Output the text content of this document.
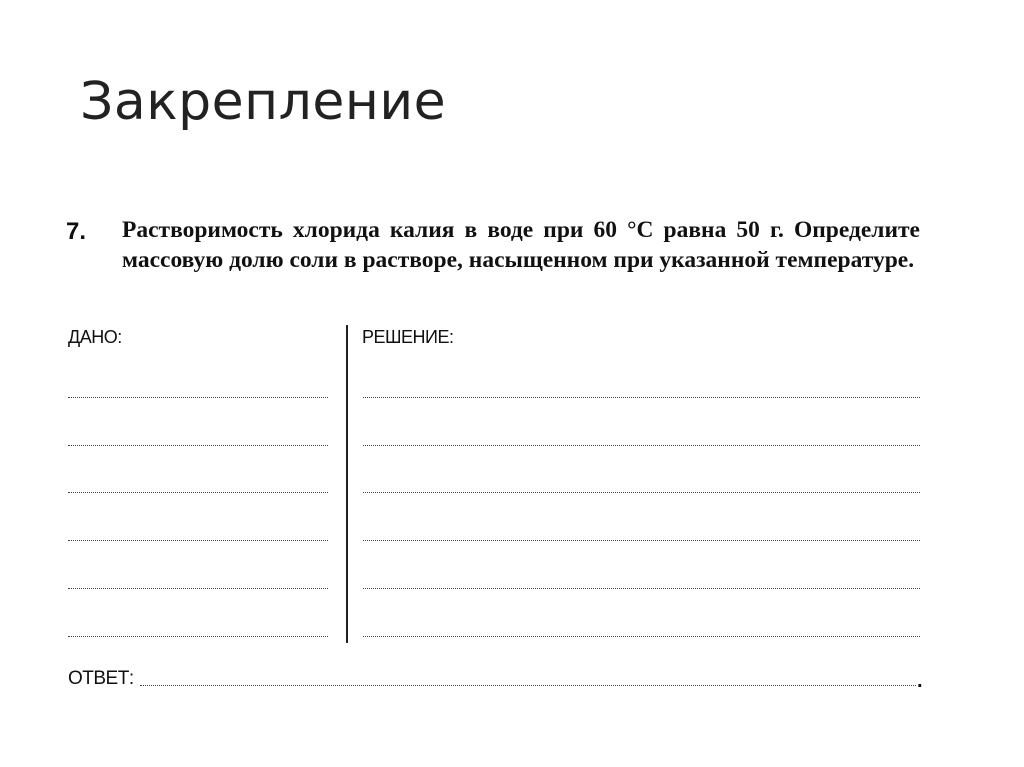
Закрепление
7. Растворимость хлорида калия в воде при 60 °С равна 50 г. Определите массовую долю соли в растворе, насыщенном при указанной температуре.
ДАНО:	РЕШЕНИЕ:
ОТВЕТ:	.
